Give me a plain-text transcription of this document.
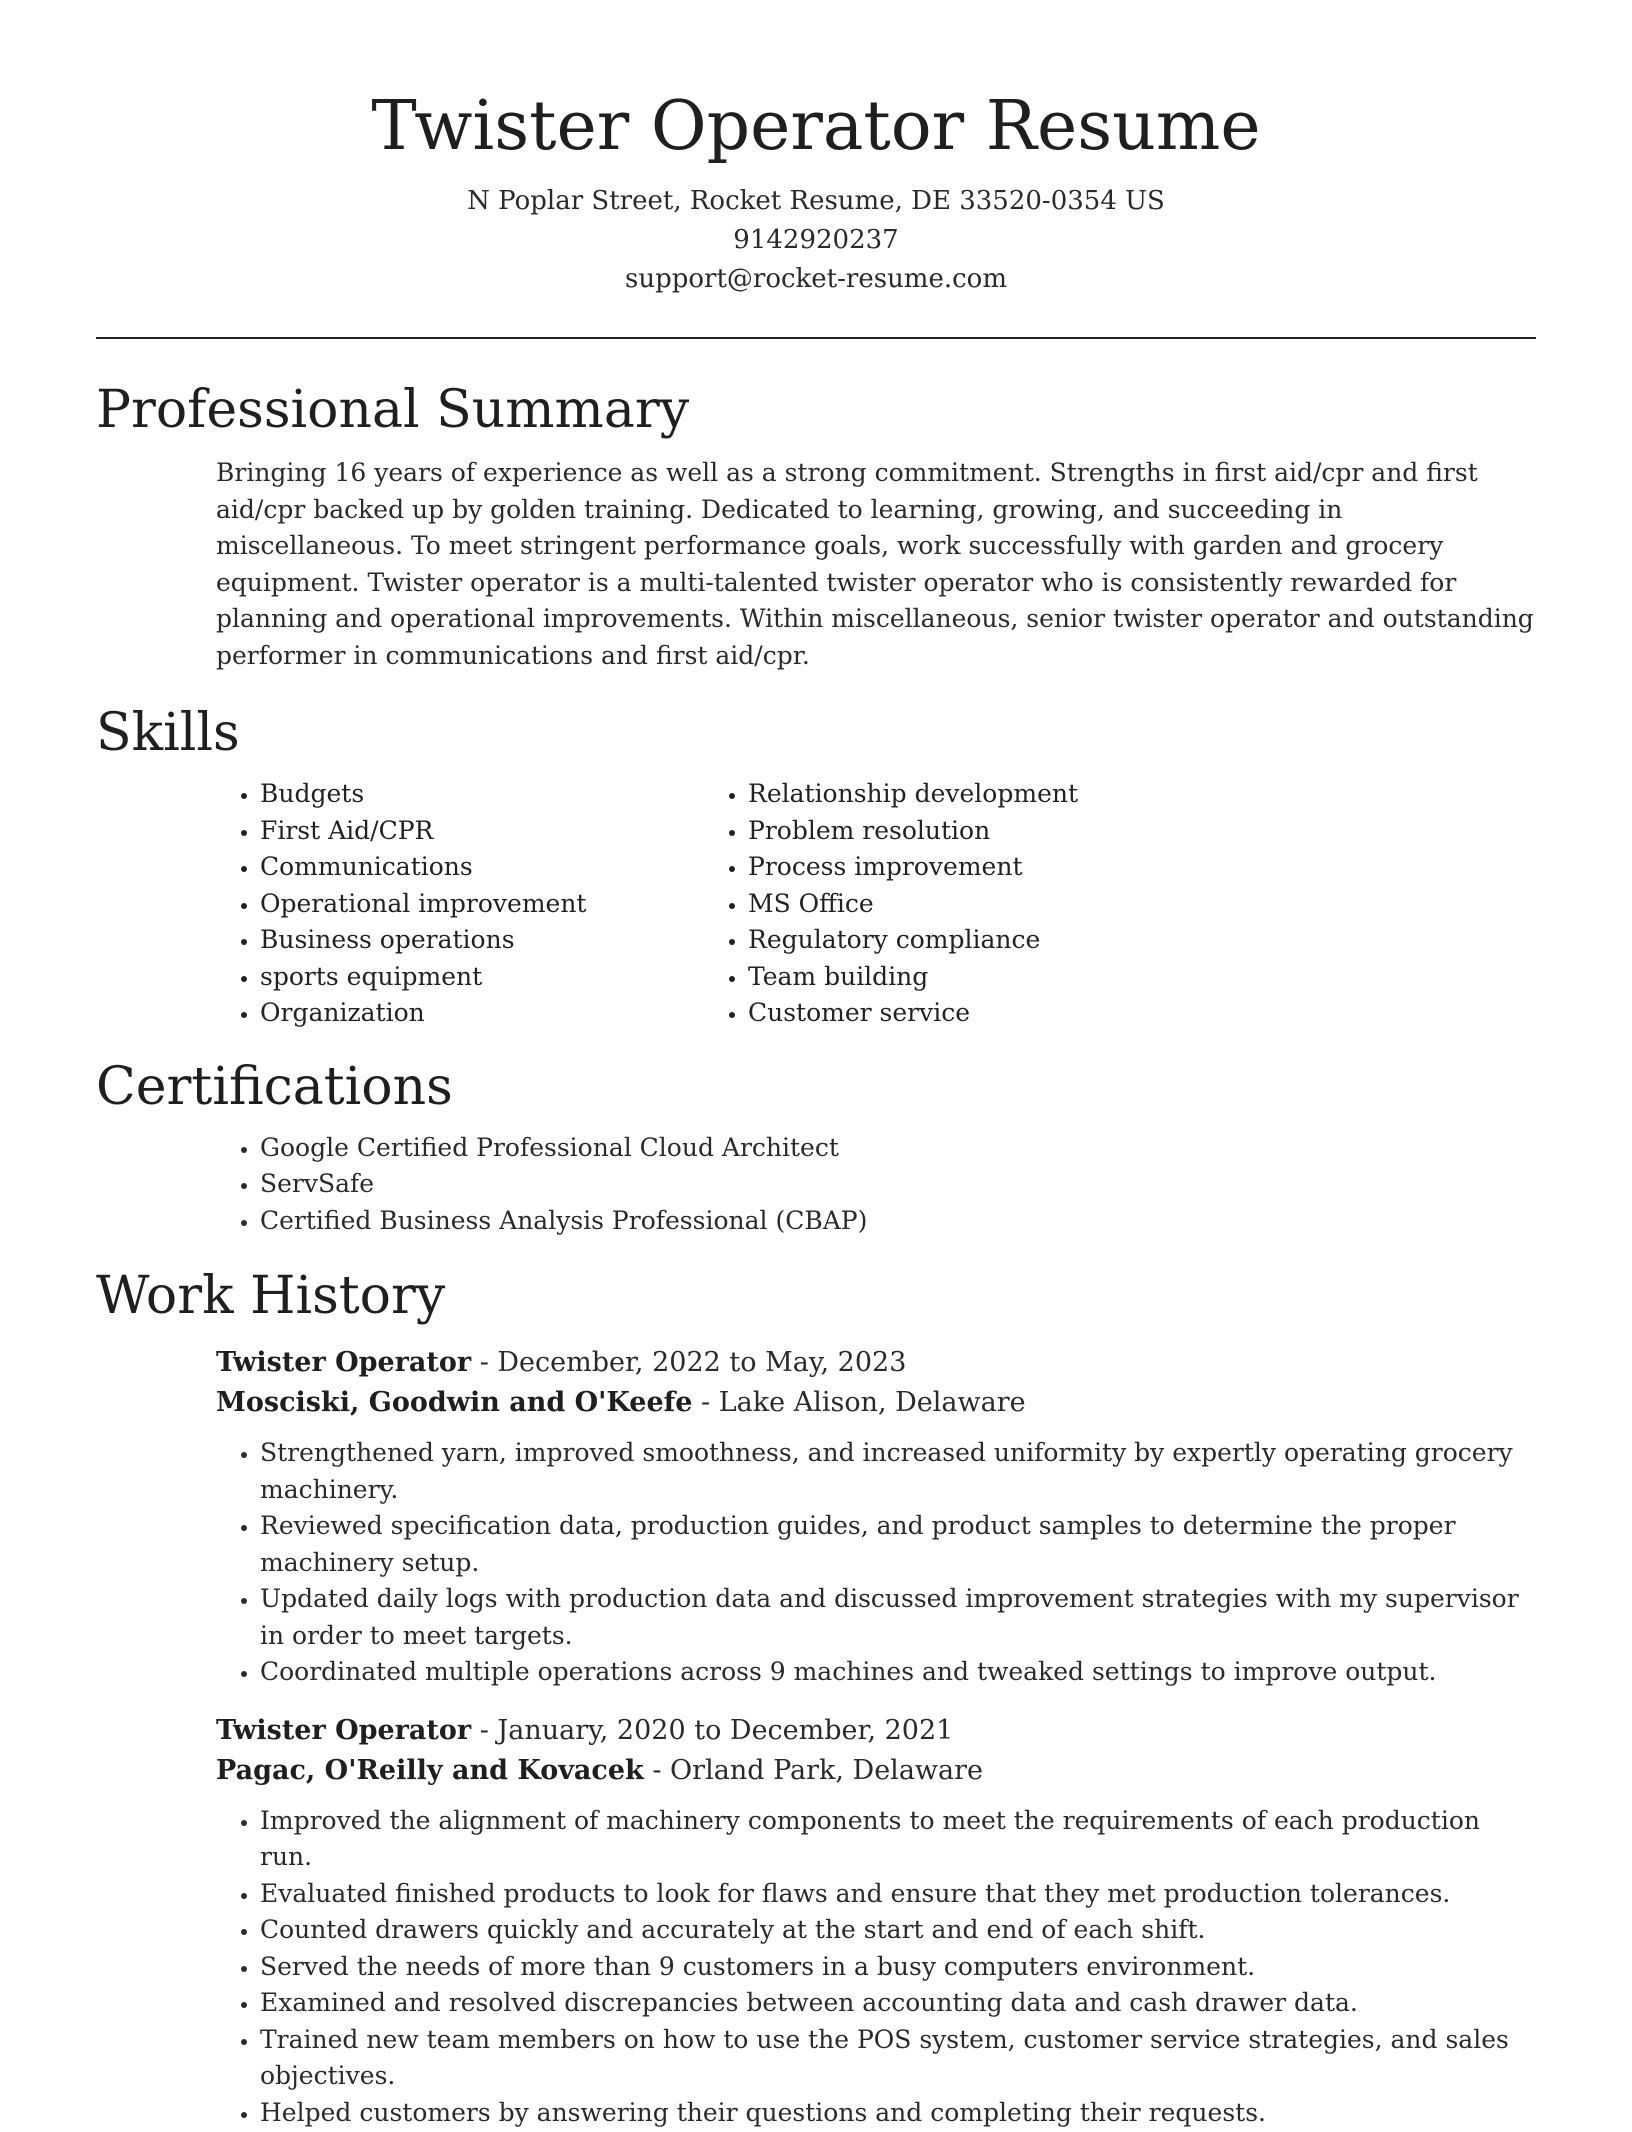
Twister Operator Resume
N Poplar Street, Rocket Resume, DE 33520-0354 US
9142920237
support@rocket-resume.com
Professional Summary

Bringing 16 years of experience as well as a strong commitment. Strengths in first aid/cpr and first aid/cpr backed up by golden training. Dedicated to learning, growing, and succeeding in miscellaneous. To meet stringent performance goals, work successfully with garden and grocery equipment. Twister operator is a multi-talented twister operator who is consistently rewarded for planning and operational improvements. Within miscellaneous, senior twister operator and outstanding performer in communications and first aid/cpr.

Skills
• Budgets
• First Aid/CPR
• Communications
• Operational improvement
• Business operations
• sports equipment
• Organization
• Relationship development
• Problem resolution
• Process improvement
• MS Office
• Regulatory compliance
• Team building
• Customer service
Certifications
• Google Certified Professional Cloud Architect
• ServSafe
• Certified Business Analysis Professional (CBAP)
Work History
Twister Operator - December, 2022 to May, 2023
Mosciski, Goodwin and O'Keefe - Lake Alison, Delaware
• Strengthened yarn, improved smoothness, and increased uniformity by expertly operating grocery machinery.
• Reviewed specification data, production guides, and product samples to determine the proper machinery setup.
• Updated daily logs with production data and discussed improvement strategies with my supervisor in order to meet targets.
• Coordinated multiple operations across 9 machines and tweaked settings to improve output.
Twister Operator - January, 2020 to December, 2021
Pagac, O'Reilly and Kovacek - Orland Park, Delaware
• Improved the alignment of machinery components to meet the requirements of each production run.
• Evaluated finished products to look for flaws and ensure that they met production tolerances.
• Counted drawers quickly and accurately at the start and end of each shift.
• Served the needs of more than 9 customers in a busy computers environment.
• Examined and resolved discrepancies between accounting data and cash drawer data.
• Trained new team members on how to use the POS system, customer service strategies, and sales objectives.
• Helped customers by answering their questions and completing their requests.
